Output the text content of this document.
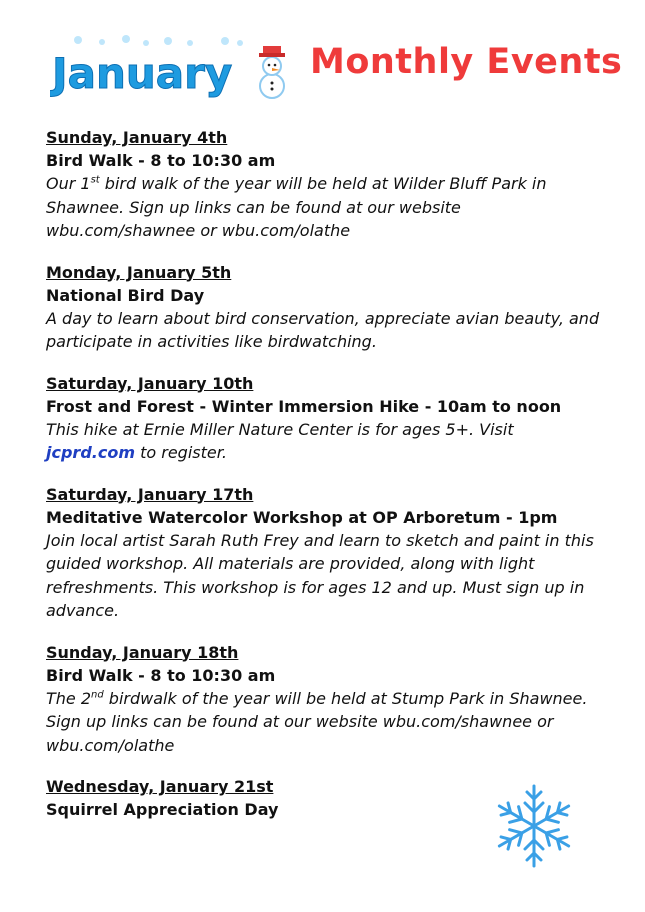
January Monthly Events
Sunday, January 4th
Bird Walk - 8 to 10:30 am
Our 1st bird walk of the year will be held at Wilder Bluff Park in Shawnee. Sign up links can be found at our website wbu.com/shawnee or wbu.com/olathe
Monday, January 5th
National Bird Day
A day to learn about bird conservation, appreciate avian beauty, and participate in activities like birdwatching.
Saturday, January 10th
Frost and Forest - Winter Immersion Hike - 10am to noon
This hike at Ernie Miller Nature Center is for ages 5+. Visit
jcprd.com to register.
Saturday, January 17th
Meditative Watercolor Workshop at OP Arboretum - 1pm
Join local artist Sarah Ruth Frey and learn to sketch and paint in this guided workshop. All materials are provided, along with light refreshments. This workshop is for ages 12 and up. Must sign up in advance.
Sunday, January 18th
Bird Walk - 8 to 10:30 am
The 2nd birdwalk of the year will be held at Stump Park in Shawnee. Sign up links can be found at our website wbu.com/shawnee or wbu.com/olathe
Wednesday, January 21st
Squirrel Appreciation Day
